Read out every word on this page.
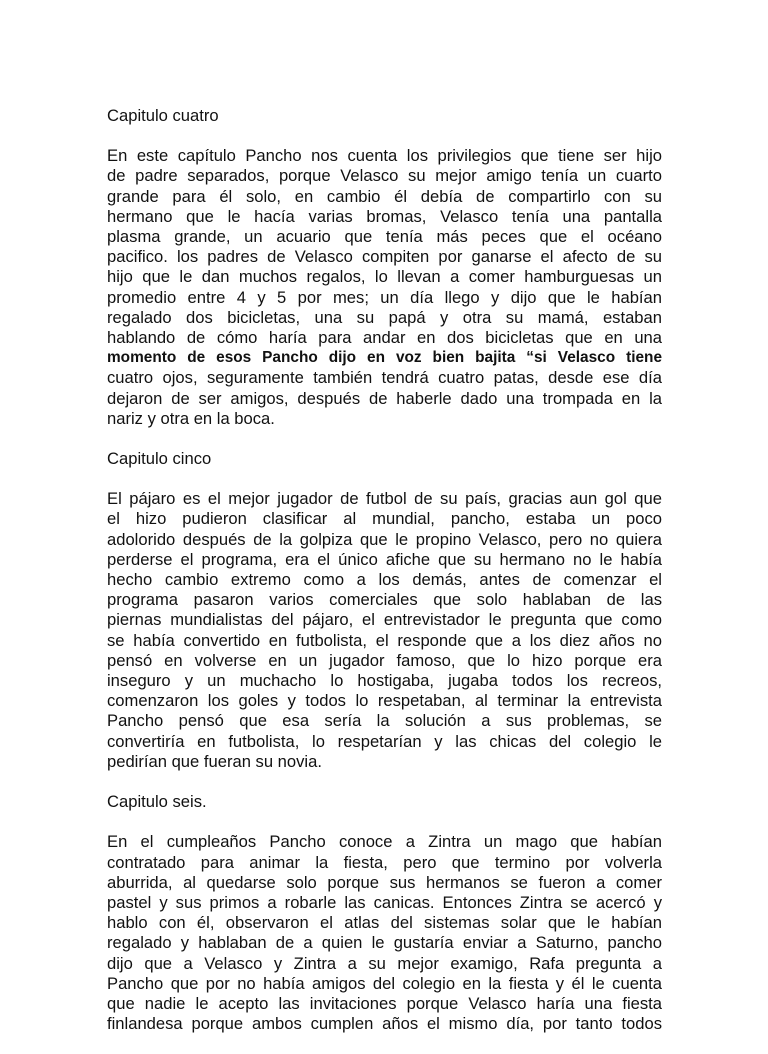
Capitulo cuatro
En este capítulo Pancho nos cuenta los privilegios que tiene ser hijo
de padre separados, porque Velasco su mejor amigo tenía un cuarto
grande para él solo, en cambio él debía de compartirlo con su
hermano que le hacía varias bromas, Velasco tenía una pantalla
plasma grande, un acuario que tenía más peces que el océano
pacifico. los padres de Velasco compiten por ganarse el afecto de su
hijo que le dan muchos regalos, lo llevan a comer hamburguesas un
promedio entre 4 y 5 por mes; un día llego y dijo que le habían
regalado dos bicicletas, una su papá y otra su mamá, estaban
hablando de cómo haría para andar en dos bicicletas que en una
momento de esos Pancho dijo en voz bien bajita “si Velasco tiene
cuatro ojos, seguramente también tendrá cuatro patas, desde ese día
dejaron de ser amigos, después de haberle dado una trompada en la
nariz y otra en la boca.
Capitulo cinco
El pájaro es el mejor jugador de futbol de su país, gracias aun gol que
el hizo pudieron clasificar al mundial, pancho, estaba un poco
adolorido después de la golpiza que le propino Velasco, pero no quiera
perderse el programa, era el único afiche que su hermano no le había
hecho cambio extremo como a los demás, antes de comenzar el
programa pasaron varios comerciales que solo hablaban de las
piernas mundialistas del pájaro, el entrevistador le pregunta que como
se había convertido en futbolista, el responde que a los diez años no
pensó en volverse en un jugador famoso, que lo hizo porque era
inseguro y un muchacho lo hostigaba, jugaba todos los recreos,
comenzaron los goles y todos lo respetaban, al terminar la entrevista
Pancho pensó que esa sería la solución a sus problemas, se
convertiría en futbolista, lo respetarían y las chicas del colegio le
pedirían que fueran su novia.
Capitulo seis.
En el cumpleaños Pancho conoce a Zintra un mago que habían
contratado para animar la fiesta, pero que termino por volverla
aburrida, al quedarse solo porque sus hermanos se fueron a comer
pastel y sus primos a robarle las canicas. Entonces Zintra se acercó y
hablo con él, observaron el atlas del sistemas solar que le habían
regalado y hablaban de a quien le gustaría enviar a Saturno, pancho
dijo que a Velasco y Zintra a su mejor examigo, Rafa pregunta a
Pancho que por no había amigos del colegio en la fiesta y él le cuenta
que nadie le acepto las invitaciones porque Velasco haría una fiesta
finlandesa porque ambos cumplen años el mismo día, por tanto todos
